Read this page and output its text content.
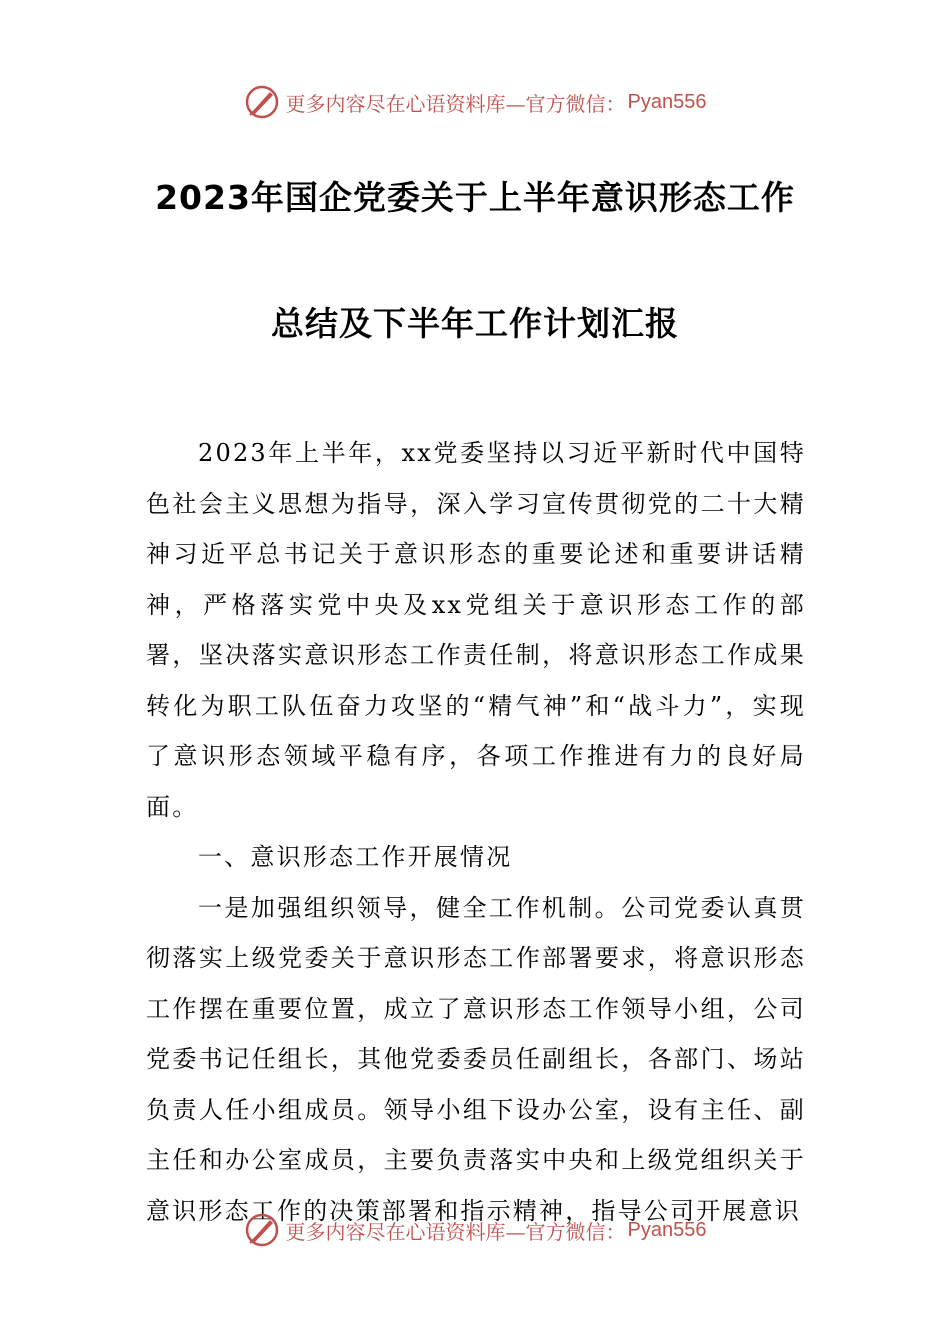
更多内容尽在心语资料库—官方微信： Pyan556
2023年国企党委关于上半年意识形态工作
总结及下半年工作计划汇报

2023年上半年，xx党委坚持以习近平新时代中国特色社会主义思想为指导，深入学习宣传贯彻党的二十大精神习近平总书记关于意识形态的重要论述和重要讲话精神，严格落实党中央及xx党组关于意识形态工作的部署，坚决落实意识形态工作责任制，将意识形态工作成果转化为职工队伍奋力攻坚的“精气神”和“战斗力”，实现了意识形态领域平稳有序，各项工作推进有力的良好局面。

一、意识形态工作开展情况

一是加强组织领导，健全工作机制。公司党委认真贯彻落实上级党委关于意识形态工作部署要求，将意识形态工作摆在重要位置，成立了意识形态工作领导小组，公司党委书记任组长，其他党委委员任副组长，各部门、场站负责人任小组成员。领导小组下设办公室，设有主任、副主任和办公室成员，主要负责落实中央和上级党组织关于意识形态工作的决策部署和指示精神，指导公司开展意识

更多内容尽在心语资料库—官方微信： Pyan556
